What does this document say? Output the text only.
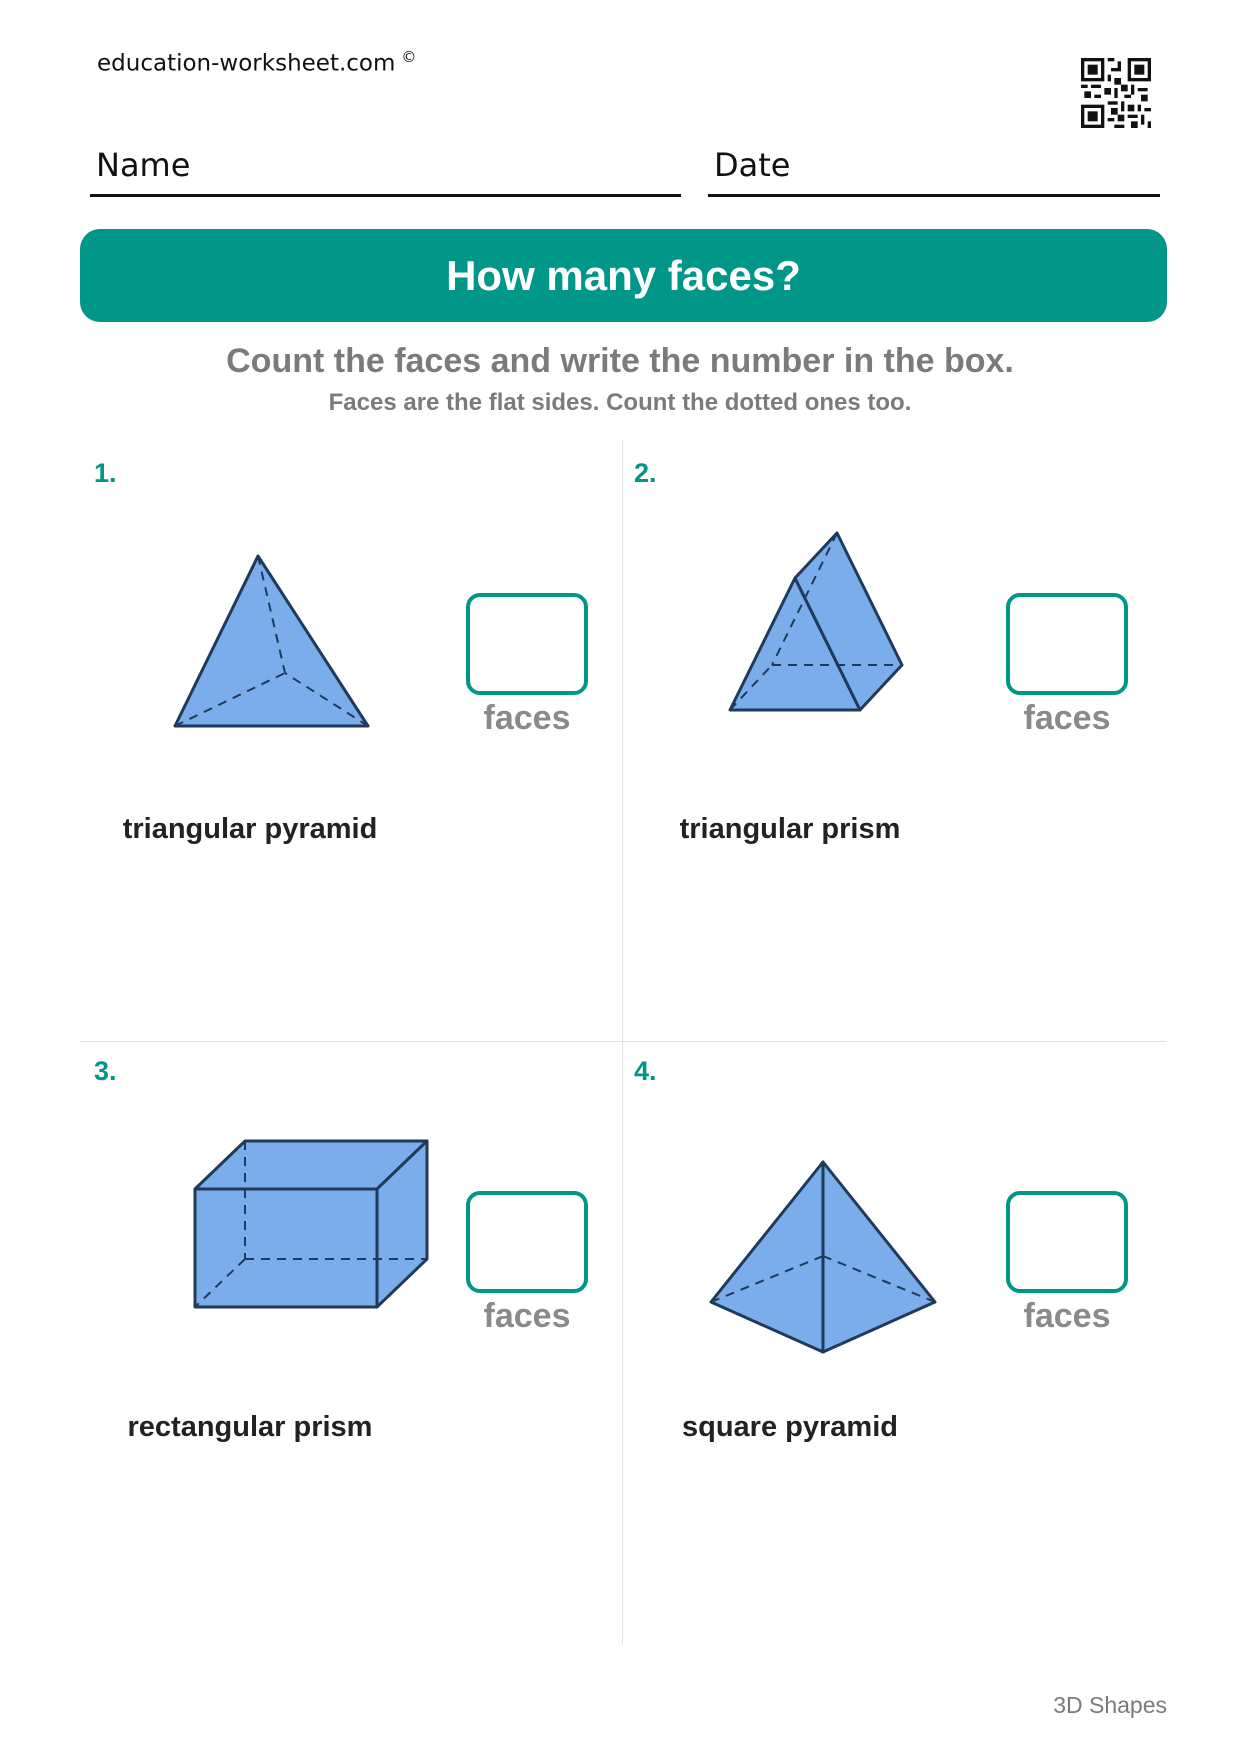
education-worksheet.com ©
Name	Date
How many faces?
Count the faces and write the number in the box.
Faces are the flat sides. Count the dotted ones too.
1.
faces
triangular pyramid
2.
faces
triangular prism
3.
faces
rectangular prism
4.
faces
square pyramid
3D Shapes
